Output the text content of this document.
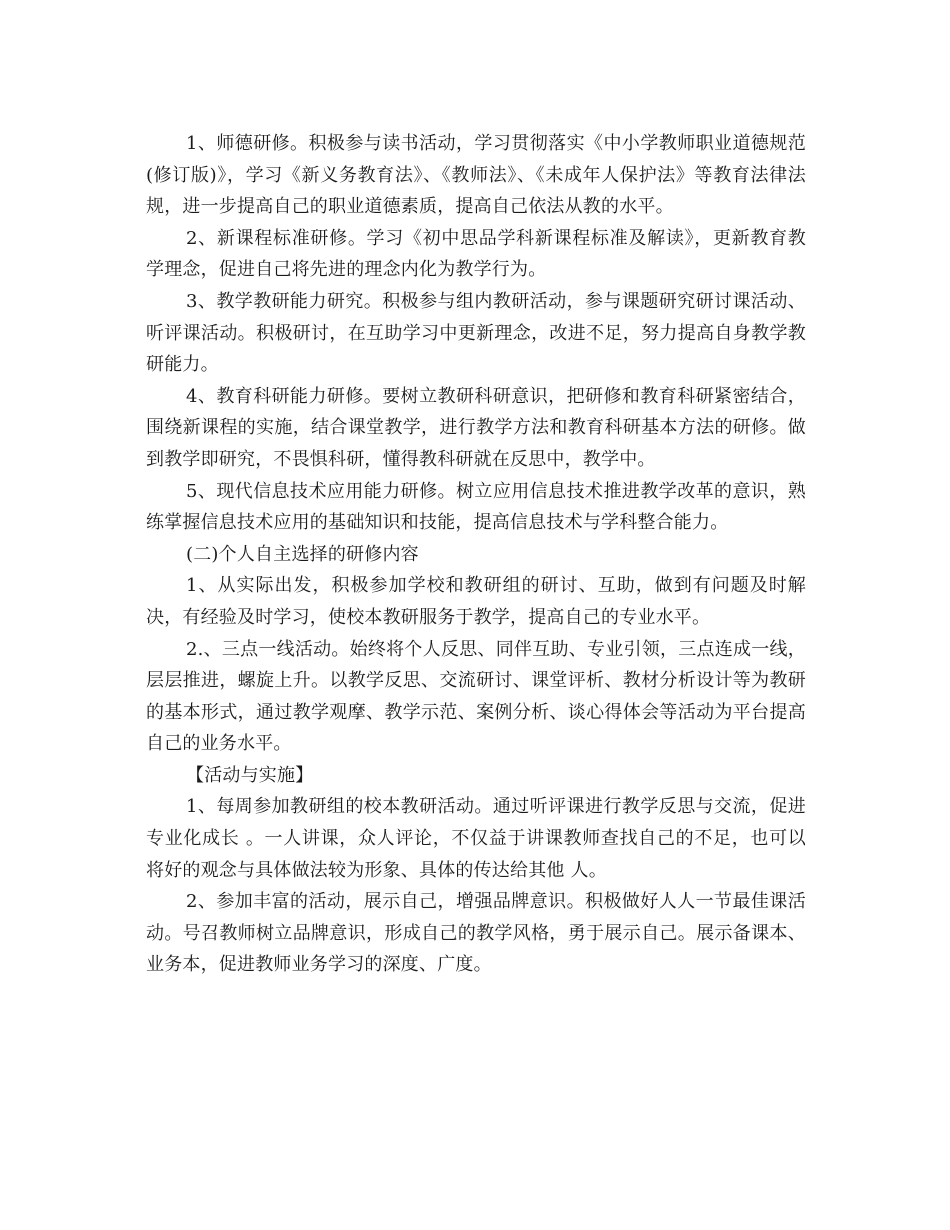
1、师德研修。积极参与读书活动，学习贯彻落实《中小学教师职业道德规范(修订版)》，学习《新义务教育法》、《教师法》、《未成年人保护法》等教育法律法规，进一步提高自己的职业道德素质，提高自己依法从教的水平。

2、新课程标准研修。学习《初中思品学科新课程标准及解读》，更新教育教学理念，促进自己将先进的理念内化为教学行为。

3、教学教研能力研究。积极参与组内教研活动，参与课题研究研讨课活动、听评课活动。积极研讨，在互助学习中更新理念，改进不足，努力提高自身教学教研能力。

4、教育科研能力研修。要树立教研科研意识，把研修和教育科研紧密结合，围绕新课程的实施，结合课堂教学，进行教学方法和教育科研基本方法的研修。做到教学即研究，不畏惧科研，懂得教科研就在反思中，教学中。

5、现代信息技术应用能力研修。树立应用信息技术推进教学改革的意识，熟练掌握信息技术应用的基础知识和技能，提高信息技术与学科整合能力。

(二)个人自主选择的研修内容

1、从实际出发，积极参加学校和教研组的研讨、互助，做到有问题及时解决，有经验及时学习，使校本教研服务于教学，提高自己的专业水平。

2.、三点一线活动。始终将个人反思、同伴互助、专业引领，三点连成一线，层层推进，螺旋上升。以教学反思、交流研讨、课堂评析、教材分析设计等为教研的基本形式，通过教学观摩、教学示范、案例分析、谈心得体会等活动为平台提高自己的业务水平。

【活动与实施】

1、每周参加教研组的校本教研活动。通过听评课进行教学反思与交流，促进专业化成长 。一人讲课，众人评论，不仅益于讲课教师查找自己的不足，也可以将好的观念与具体做法较为形象、具体的传达给其他 人。

2、参加丰富的活动，展示自己，增强品牌意识。积极做好人人一节最佳课活动。号召教师树立品牌意识，形成自己的教学风格，勇于展示自己。展示备课本、业务本，促进教师业务学习的深度、广度。
